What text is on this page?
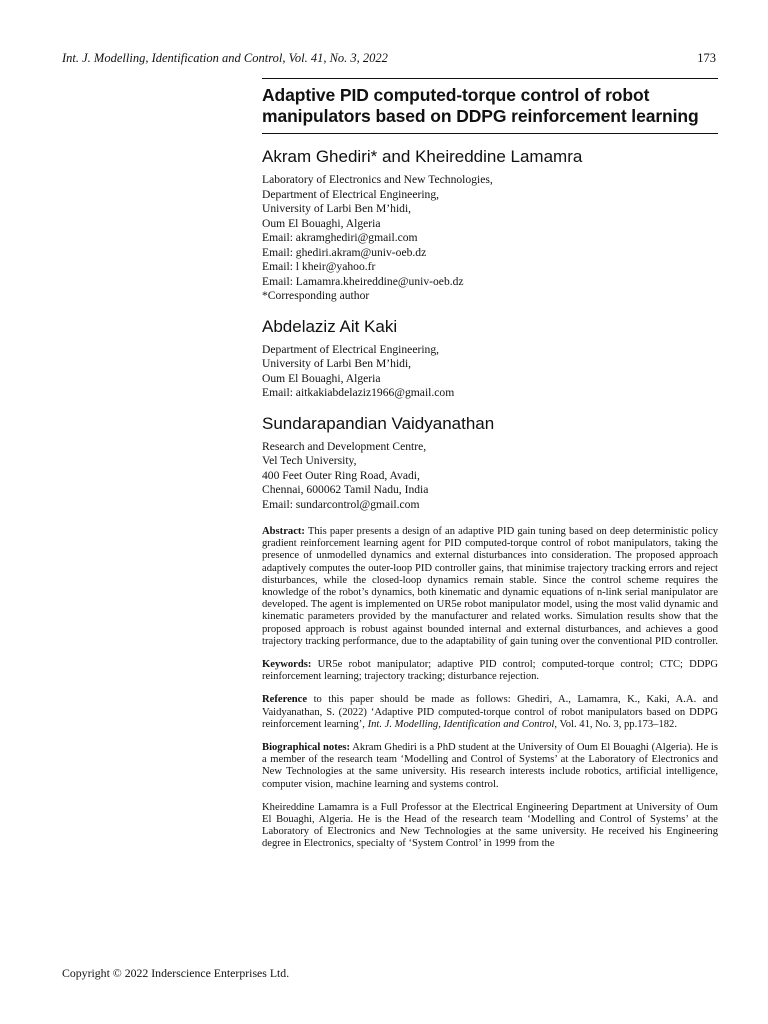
Int. J. Modelling, Identification and Control, Vol. 41, No. 3, 2022	173
Adaptive PID computed-torque control of robot manipulators based on DDPG reinforcement learning
Akram Ghediri* and Kheireddine Lamamra
Laboratory of Electronics and New Technologies,
Department of Electrical Engineering,
University of Larbi Ben M’hidi,
Oum El Bouaghi, Algeria
Email: akramghediri@gmail.com
Email: ghediri.akram@univ-oeb.dz
Email: l kheir@yahoo.fr
Email: Lamamra.kheireddine@univ-oeb.dz
*Corresponding author
Abdelaziz Ait Kaki
Department of Electrical Engineering,
University of Larbi Ben M’hidi,
Oum El Bouaghi, Algeria
Email: aitkakiabdelaziz1966@gmail.com
Sundarapandian Vaidyanathan
Research and Development Centre,
Vel Tech University,
400 Feet Outer Ring Road, Avadi,
Chennai, 600062 Tamil Nadu, India
Email: sundarcontrol@gmail.com
Abstract: This paper presents a design of an adaptive PID gain tuning based on deep deterministic policy gradient reinforcement learning agent for PID computed-torque control of robot manipulators, taking the presence of unmodelled dynamics and external disturbances into consideration. The proposed approach adaptively computes the outer-loop PID controller gains, that minimise trajectory tracking errors and reject disturbances, while the closed-loop dynamics remain stable. Since the control scheme requires the knowledge of the robot’s dynamics, both kinematic and dynamic equations of n-link serial manipulator are developed. The agent is implemented on UR5e robot manipulator model, using the most valid dynamic and kinematic parameters provided by the manufacturer and related works. Simulation results show that the proposed approach is robust against bounded internal and external disturbances, and achieves a good trajectory tracking performance, due to the adaptability of gain tuning over the conventional PID controller.
Keywords: UR5e robot manipulator; adaptive PID control; computed-torque control; CTC; DDPG reinforcement learning; trajectory tracking; disturbance rejection.
Reference to this paper should be made as follows: Ghediri, A., Lamamra, K., Kaki, A.A. and Vaidyanathan, S. (2022) ‘Adaptive PID computed-torque control of robot manipulators based on DDPG reinforcement learning’, Int. J. Modelling, Identification and Control, Vol. 41, No. 3, pp.173–182.
Biographical notes: Akram Ghediri is a PhD student at the University of Oum El Bouaghi (Algeria). He is a member of the research team ‘Modelling and Control of Systems’ at the Laboratory of Electronics and New Technologies at the same university. His research interests include robotics, artificial intelligence, computer vision, machine learning and systems control.
Kheireddine Lamamra is a Full Professor at the Electrical Engineering Department at University of Oum El Bouaghi, Algeria. He is the Head of the research team ‘Modelling and Control of Systems’ at the Laboratory of Electronics and New Technologies at the same university. He received his Engineering degree in Electronics, specialty of ‘System Control’ in 1999 from the
Copyright © 2022 Inderscience Enterprises Ltd.
